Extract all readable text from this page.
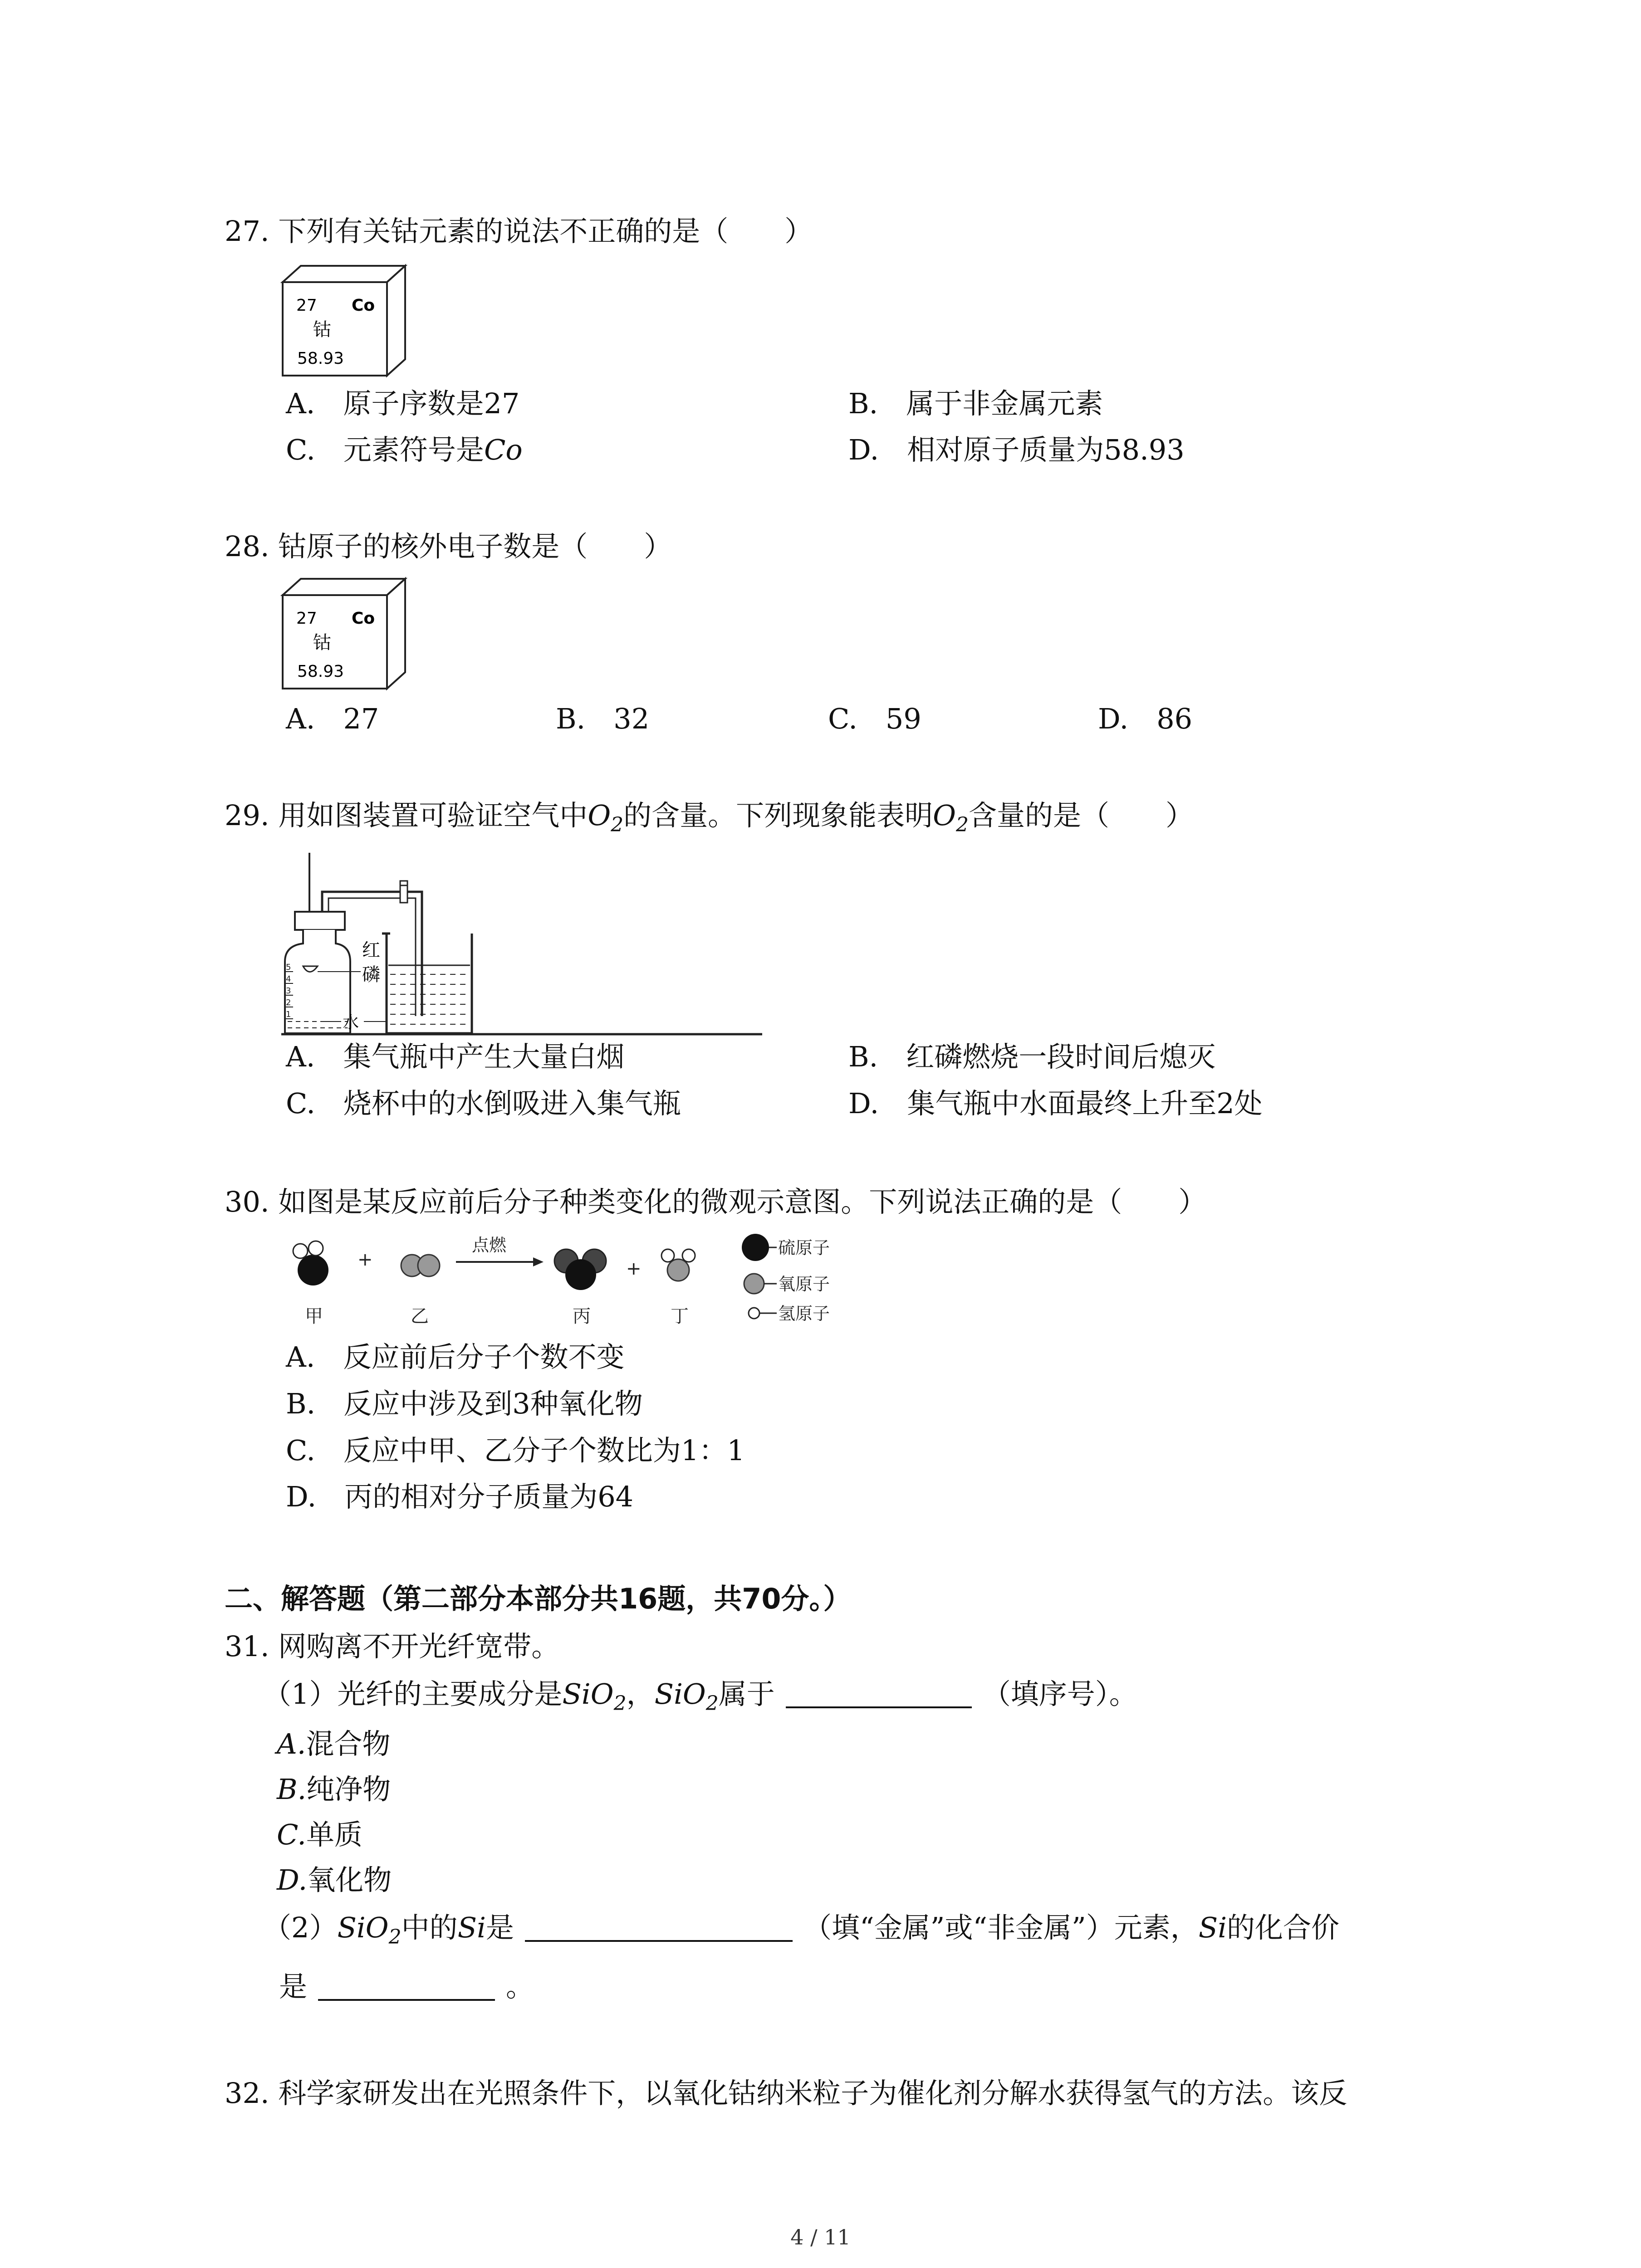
27. 下列有关钴元素的说法不正确的是（　　）
27 Co
钴
58.93
A.　原子序数是27	B.　属于非金属元素
C.　元素符号是Co	D.　相对原子质量为58.93
28. 钴原子的核外电子数是（　　）
27 Co
钴
58.93
A.　27	B.　32	C.　59	D.　86
29. 用如图装置可验证空气中$O_2$的含量。下列现象能表明$O_2$含量的是（　　）
5
4
3
2
1
红
磷
水
A.　集气瓶中产生大量白烟	B.　红磷燃烧一段时间后熄灭
C.　烧杯中的水倒吸进入集气瓶	D.　集气瓶中水面最终上升至2处
30. 如图是某反应前后分子种类变化的微观示意图。下列说法正确的是（　　）
甲
+
乙
点燃
丙
+
丁
硫原子
氧原子
氢原子
A.　反应前后分子个数不变
B.　反应中涉及到3种氧化物
C.　反应中甲、乙分子个数比为1：1
D.　丙的相对分子质量为64
二、解答题（第二部分本部分共16题，共70分。）
31. 网购离不开光纤宽带。
（1）光纤的主要成分是SiO$_2$，SiO$_2$属于	（填序号）。
A.混合物
B.纯净物
C.单质
D.氧化物
（2）SiO$_2$中的Si是	（填“金属”或“非金属”）元素，Si的化合价
是	。
32. 科学家研发出在光照条件下，以氧化钴纳米粒子为催化剂分解水获得氢气的方法。该反
4 / 11
